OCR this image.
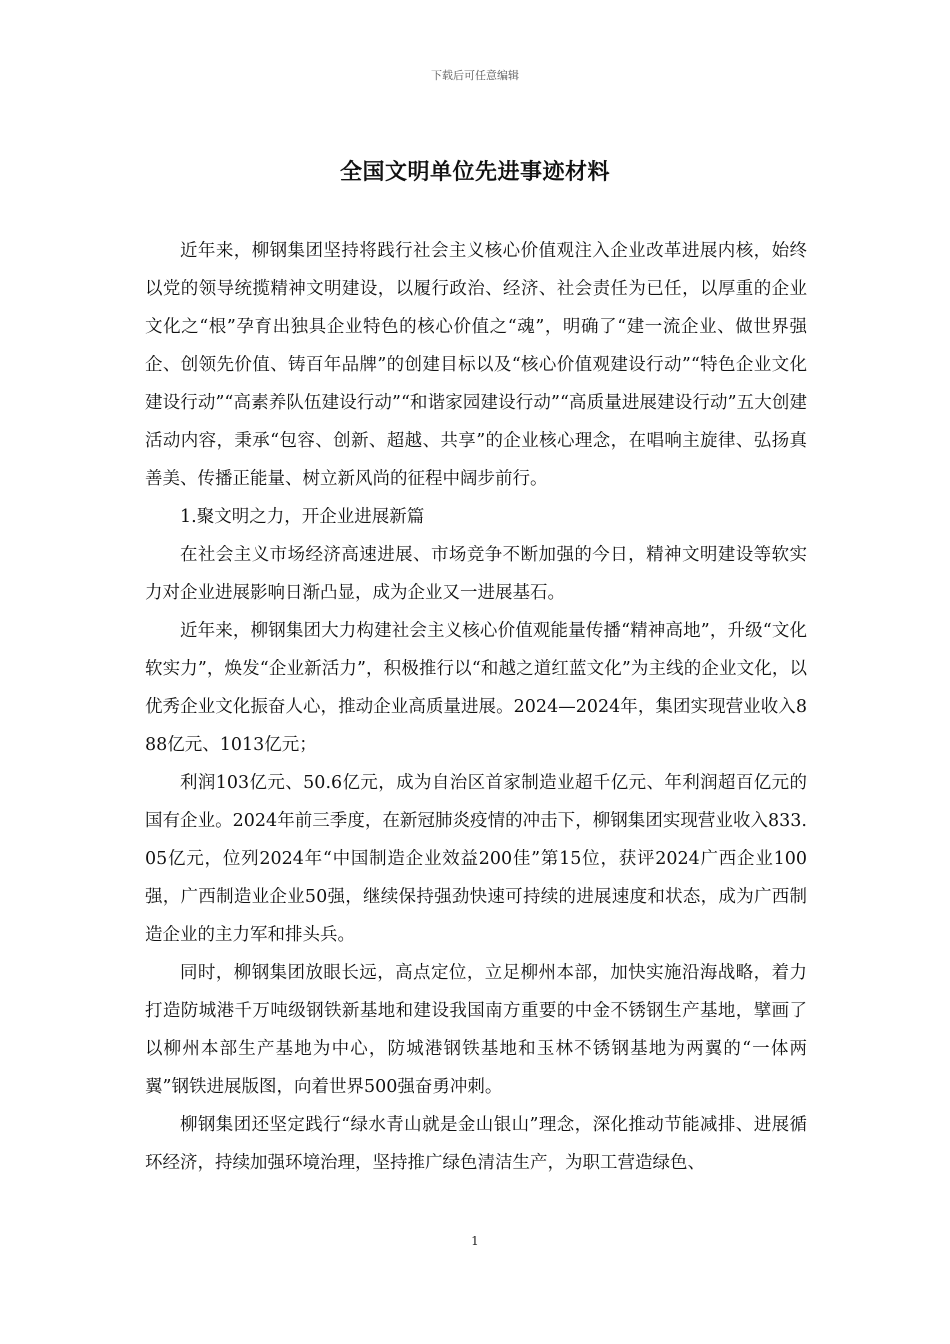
下载后可任意编辑
全国文明单位先进事迹材料

近年来，柳钢集团坚持将践行社会主义核心价值观注入企业改革进展内核，始终以党的领导统揽精神文明建设，以履行政治、经济、社会责任为已任，以厚重的企业文化之“根”孕育出独具企业特色的核心价值之“魂”，明确了“建一流企业、做世界强企、创领先价值、铸百年品牌”的创建目标以及“核心价值观建设行动”“特色企业文化建设行动”“高素养队伍建设行动”“和谐家园建设行动”“高质量进展建设行动”五大创建活动内容，秉承“包容、创新、超越、共享”的企业核心理念，在唱响主旋律、弘扬真善美、传播正能量、树立新风尚的征程中阔步前行。

1.聚文明之力，开企业进展新篇

在社会主义市场经济高速进展、市场竞争不断加强的今日，精神文明建设等软实力对企业进展影响日渐凸显，成为企业又一进展基石。

近年来，柳钢集团大力构建社会主义核心价值观能量传播“精神高地”，升级“文化软实力”，焕发“企业新活力”，积极推行以“和越之道红蓝文化”为主线的企业文化，以优秀企业文化振奋人心，推动企业高质量进展。2024—2024年，集团实现营业收入888亿元、1013亿元；

利润103亿元、50.6亿元，成为自治区首家制造业超千亿元、年利润超百亿元的国有企业。2024年前三季度，在新冠肺炎疫情的冲击下，柳钢集团实现营业收入833.05亿元，位列2024年“中国制造企业效益200佳”第15位，获评2024广西企业100强，广西制造业企业50强，继续保持强劲快速可持续的进展速度和状态，成为广西制造企业的主力军和排头兵。

同时，柳钢集团放眼长远，高点定位，立足柳州本部，加快实施沿海战略，着力打造防城港千万吨级钢铁新基地和建设我国南方重要的中金不锈钢生产基地，擘画了以柳州本部生产基地为中心，防城港钢铁基地和玉林不锈钢基地为两翼的“一体两翼”钢铁进展版图，向着世界500强奋勇冲刺。

柳钢集团还坚定践行“绿水青山就是金山银山”理念，深化推动节能减排、进展循环经济，持续加强环境治理，坚持推广绿色清洁生产，为职工营造绿色、

1
